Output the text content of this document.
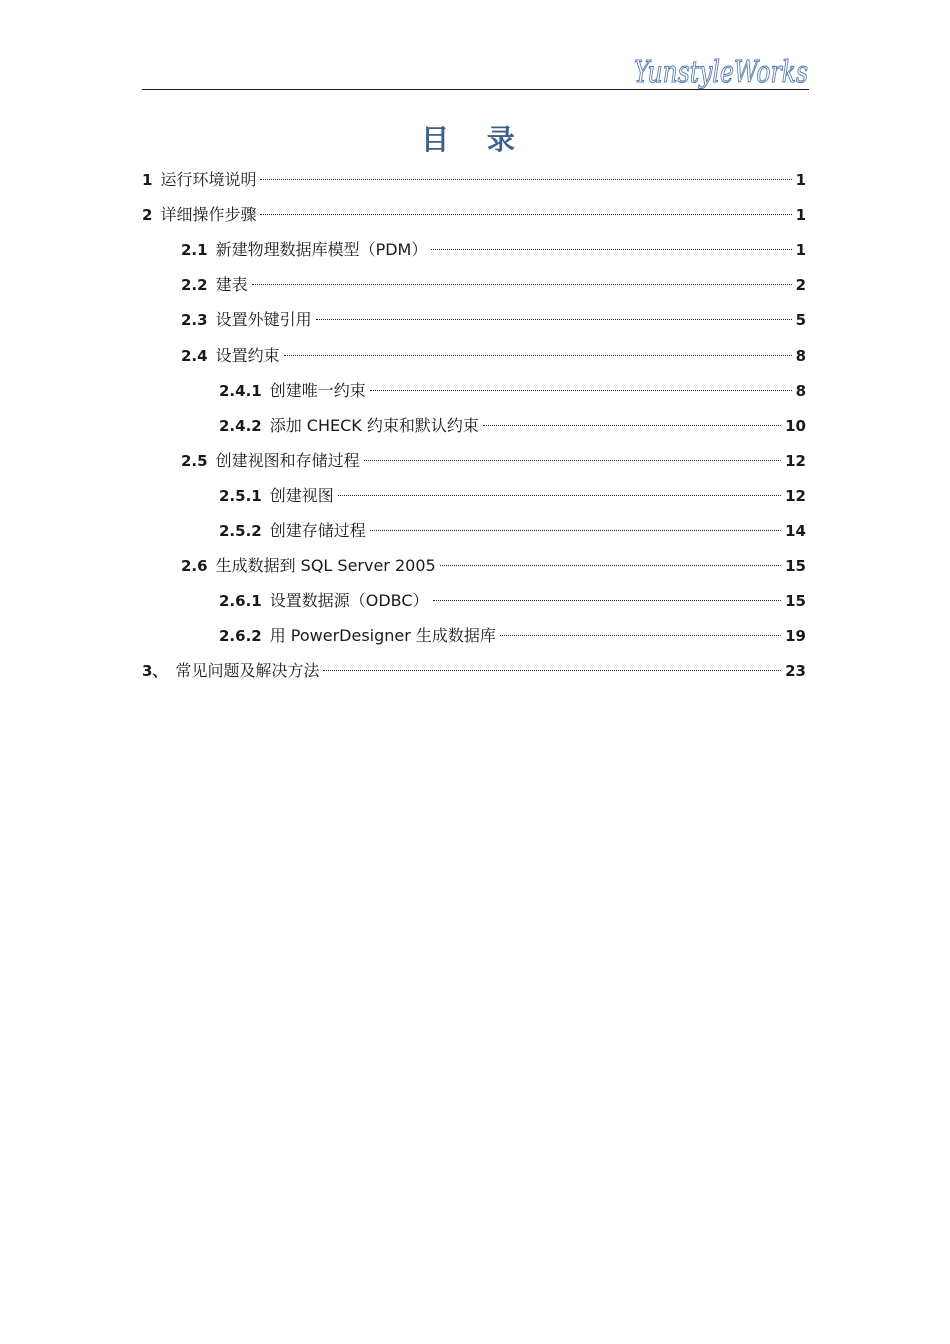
YunstyleWorks
目 录
1 运行环境说明	1
2 详细操作步骤	1
2.1 新建物理数据库模型（PDM）	1
2.2 建表	2
2.3 设置外键引用	5
2.4 设置约束	8
2.4.1 创建唯一约束	8
2.4.2 添加 CHECK 约束和默认约束	10
2.5 创建视图和存储过程	12
2.5.1 创建视图	12
2.5.2 创建存储过程	14
2.6 生成数据到 SQL Server 2005	15
2.6.1 设置数据源（ODBC）	15
2.6.2 用 PowerDesigner 生成数据库	19
3、 常见问题及解决方法	23
